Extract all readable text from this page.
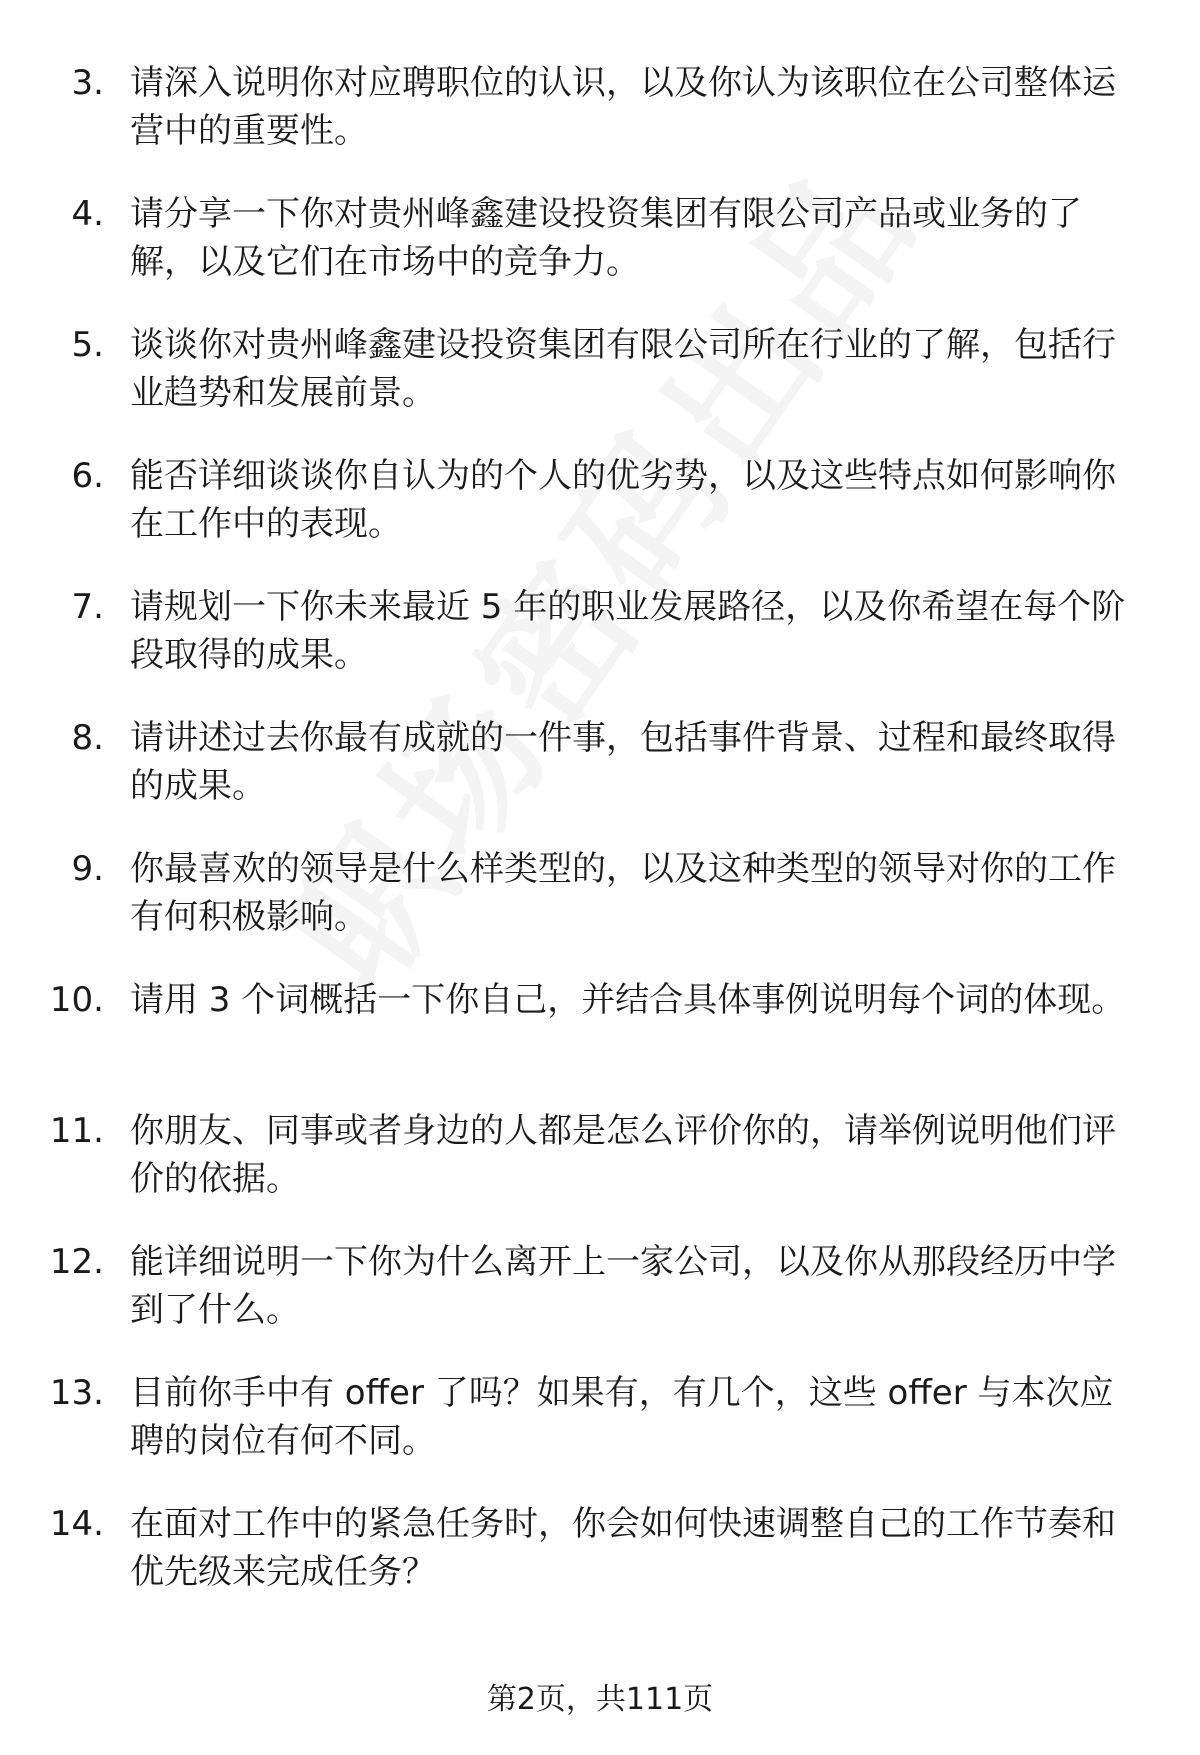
3. 请深入说明你对应聘职位的认识，以及你认为该职位在公司整体运营中的重要性。
4. 请分享一下你对贵州峰鑫建设投资集团有限公司产品或业务的了解，以及它们在市场中的竞争力。
5. 谈谈你对贵州峰鑫建设投资集团有限公司所在行业的了解，包括行业趋势和发展前景。
6. 能否详细谈谈你自认为的个人的优劣势，以及这些特点如何影响你在工作中的表现。
7. 请规划一下你未来最近 5 年的职业发展路径，以及你希望在每个阶段取得的成果。
8. 请讲述过去你最有成就的一件事，包括事件背景、过程和最终取得的成果。
9. 你最喜欢的领导是什么样类型的，以及这种类型的领导对你的工作有何积极影响。
10. 请用 3 个词概括一下你自己，并结合具体事例说明每个词的体现。
11. 你朋友、同事或者身边的人都是怎么评价你的，请举例说明他们评价的依据。
12. 能详细说明一下你为什么离开上一家公司，以及你从那段经历中学到了什么。
13. 目前你手中有 offer 了吗？如果有，有几个，这些 offer 与本次应聘的岗位有何不同。
14. 在面对工作中的紧急任务时，你会如何快速调整自己的工作节奏和优先级来完成任务？
第2页，共111页
